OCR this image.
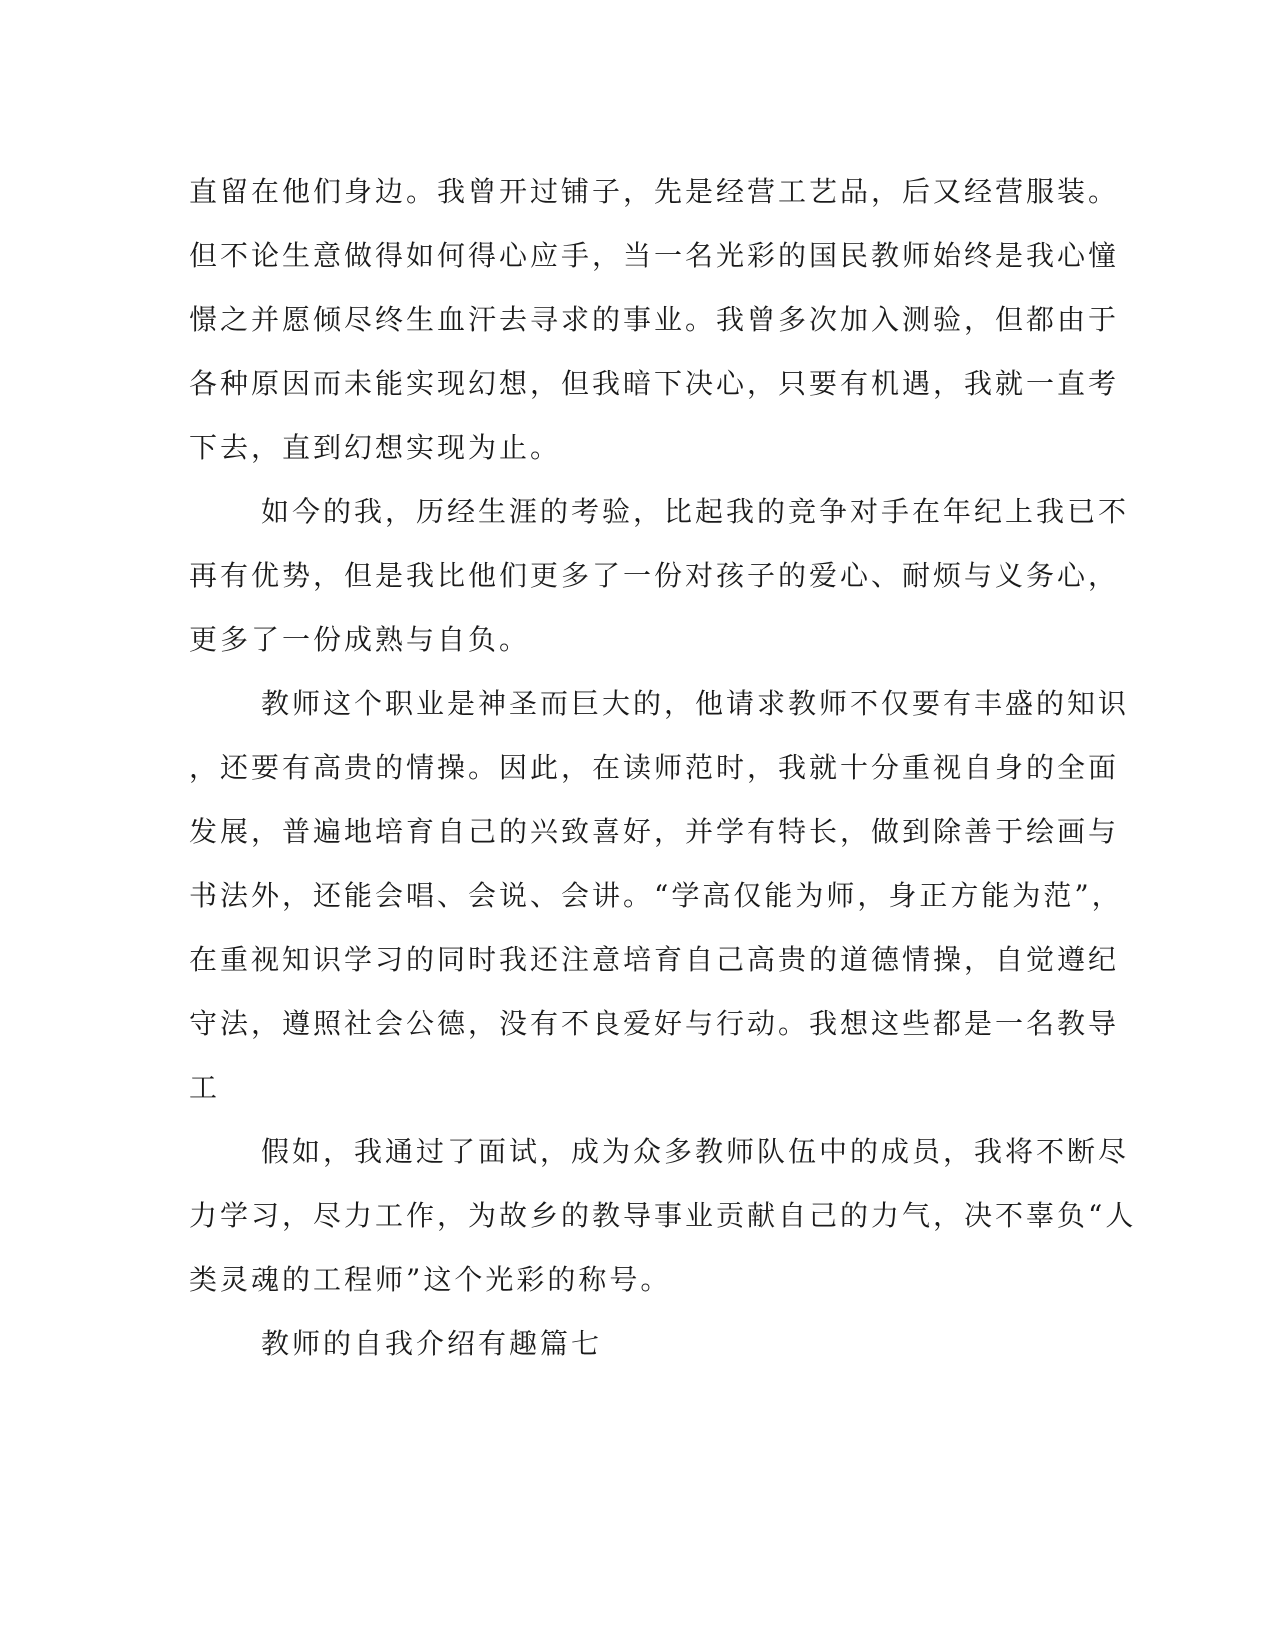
直留在他们身边。我曾开过铺子，先是经营工艺品，后又经营服装。
但不论生意做得如何得心应手，当一名光彩的国民教师始终是我心憧
憬之并愿倾尽终生血汗去寻求的事业。我曾多次加入测验，但都由于
各种原因而未能实现幻想，但我暗下决心，只要有机遇，我就一直考
下去，直到幻想实现为止。
如今的我，历经生涯的考验，比起我的竞争对手在年纪上我已不
再有优势，但是我比他们更多了一份对孩子的爱心、耐烦与义务心，
更多了一份成熟与自负。
教师这个职业是神圣而巨大的，他请求教师不仅要有丰盛的知识
，还要有高贵的情操。因此，在读师范时，我就十分重视自身的全面
发展，普遍地培育自己的兴致喜好，并学有特长，做到除善于绘画与
书法外，还能会唱、会说、会讲。“学高仅能为师，身正方能为范”，
在重视知识学习的同时我还注意培育自己高贵的道德情操，自觉遵纪
守法，遵照社会公德，没有不良爱好与行动。我想这些都是一名教导
工
假如，我通过了面试，成为众多教师队伍中的成员，我将不断尽
力学习，尽力工作，为故乡的教导事业贡献自己的力气，决不辜负“人
类灵魂的工程师”这个光彩的称号。
教师的自我介绍有趣篇七
